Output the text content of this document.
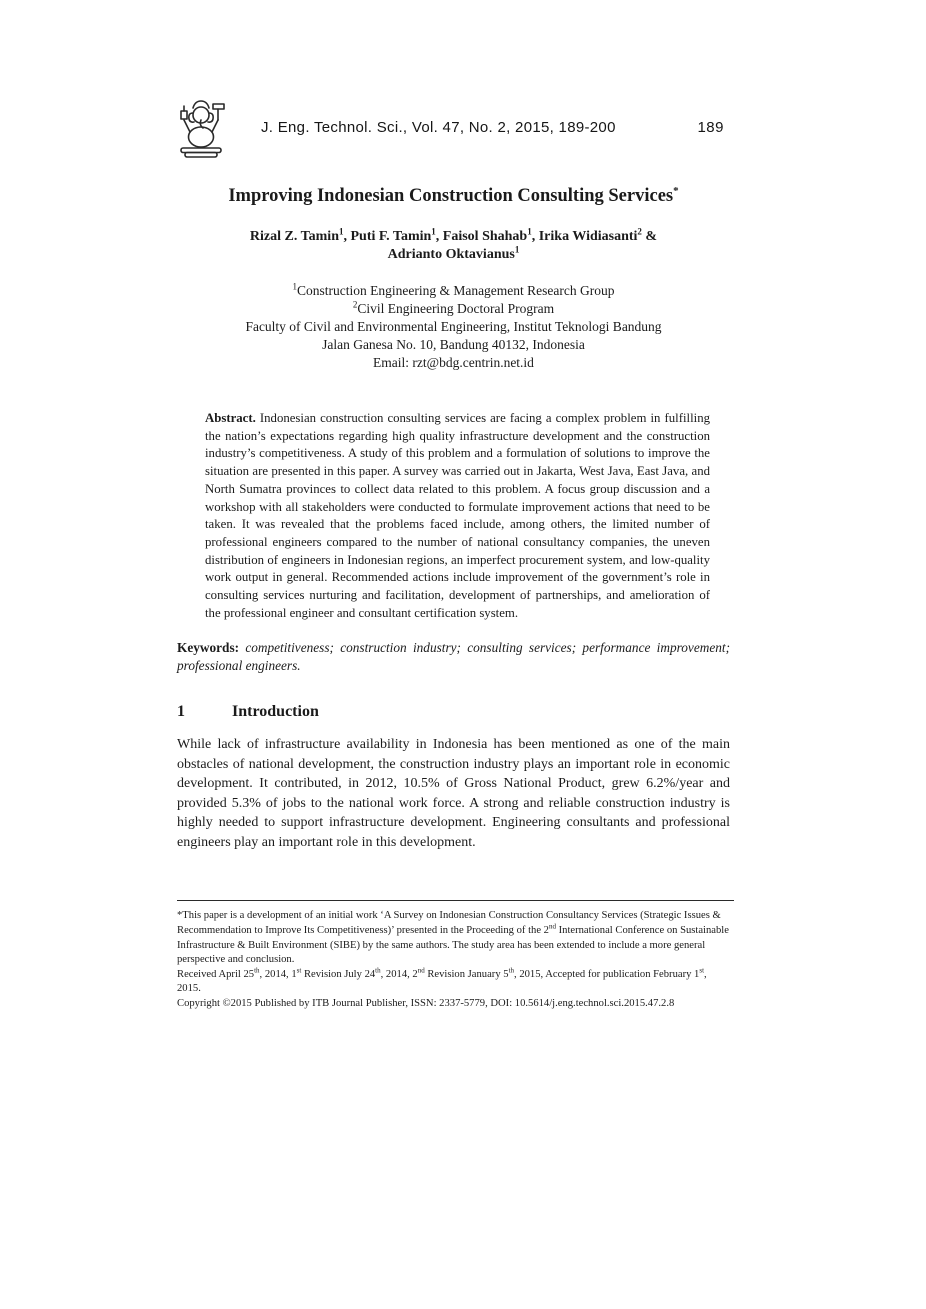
J. Eng. Technol. Sci., Vol. 47, No. 2, 2015, 189-200	189
Improving Indonesian Construction Consulting Services*
Rizal Z. Tamin$^1$, Puti F. Tamin$^1$, Faisol Shahab$^1$, Irika Widiasanti$^2$ &
Adrianto Oktavianus$^1$
$^1$Construction Engineering & Management Research Group
$^2$Civil Engineering Doctoral Program
Faculty of Civil and Environmental Engineering, Institut Teknologi Bandung
Jalan Ganesa No. 10, Bandung 40132, Indonesia
Email: rzt@bdg.centrin.net.id
Abstract. Indonesian construction consulting services are facing a complex problem in fulfilling the nation’s expectations regarding high quality infrastructure development and the construction industry’s competitiveness. A study of this problem and a formulation of solutions to improve the situation are presented in this paper. A survey was carried out in Jakarta, West Java, East Java, and North Sumatra provinces to collect data related to this problem. A focus group discussion and a workshop with all stakeholders were conducted to formulate improvement actions that need to be taken. It was revealed that the problems faced include, among others, the limited number of professional engineers compared to the number of national consultancy companies, the uneven distribution of engineers in Indonesian regions, an imperfect procurement system, and low-quality work output in general. Recommended actions include improvement of the government’s role in consulting services nurturing and facilitation, development of partnerships, and amelioration of the professional engineer and consultant certification system.
Keywords: competitiveness; construction industry; consulting services; performance improvement; professional engineers.
1	Introduction
While lack of infrastructure availability in Indonesia has been mentioned as one of the main obstacles of national development, the construction industry plays an important role in economic development. It contributed, in 2012, 10.5% of Gross National Product, grew 6.2%/year and provided 5.3% of jobs to the national work force. A strong and reliable construction industry is highly needed to support infrastructure development. Engineering consultants and professional engineers play an important role in this development.

*This paper is a development of an initial work ‘A Survey on Indonesian Construction Consultancy Services (Strategic Issues & Recommendation to Improve Its Competitiveness)’ presented in the Proceeding of the 2nd International Conference on Sustainable Infrastructure & Built Environment (SIBE) by the same authors. The study area has been extended to include a more general perspective and conclusion.

Received April 25th, 2014, 1st Revision July 24th, 2014, 2nd Revision January 5th, 2015, Accepted for publication February 1st, 2015.

Copyright ©2015 Published by ITB Journal Publisher, ISSN: 2337-5779, DOI: 10.5614/j.eng.technol.sci.2015.47.2.8
